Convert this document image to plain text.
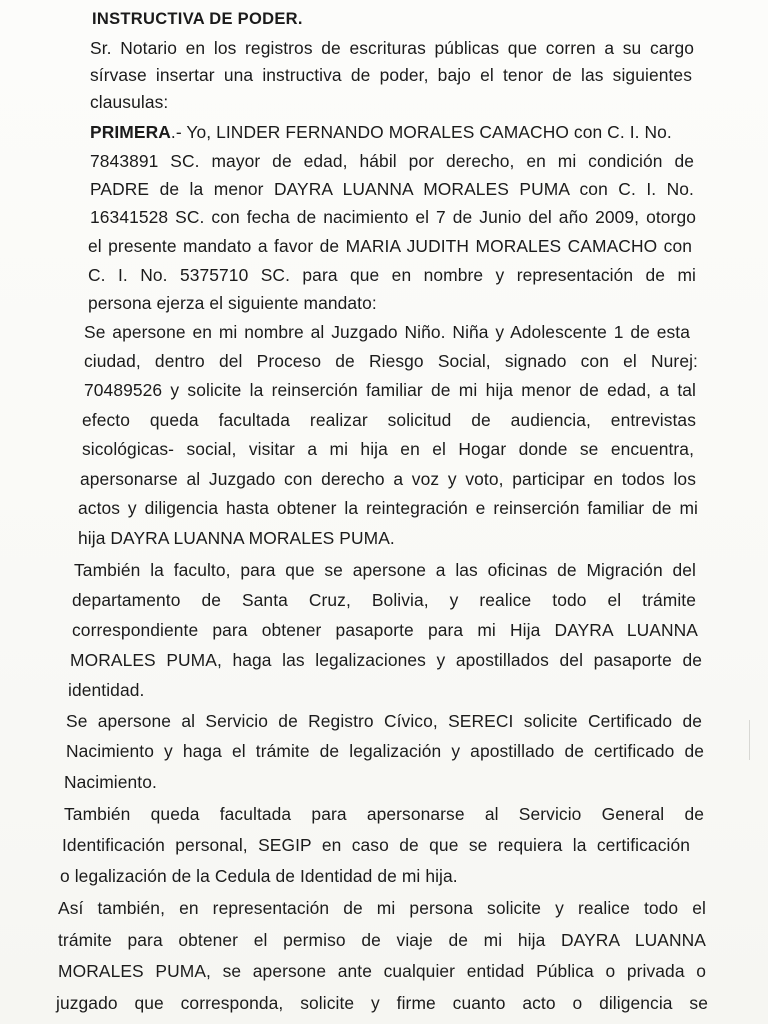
INSTRUCTIVA DE PODER.
Sr. Notario en los registros de escrituras públicas que corren a su cargo
sírvase insertar una instructiva de poder, bajo el tenor de las siguientes
clausulas:
PRIMERA.- Yo, LINDER FERNANDO MORALES CAMACHO con C. I. No.
7843891 SC. mayor de edad, hábil por derecho, en mi condición de
PADRE de la menor DAYRA LUANNA MORALES PUMA con C. I. No.
16341528 SC. con fecha de nacimiento el 7 de Junio del año 2009, otorgo
el presente mandato a favor de MARIA JUDITH MORALES CAMACHO con
C. I. No. 5375710 SC. para que en nombre y representación de mi
persona ejerza el siguiente mandato:
Se apersone en mi nombre al Juzgado Niño. Niña y Adolescente 1 de esta
ciudad, dentro del Proceso de Riesgo Social, signado con el Nurej:
70489526 y solicite la reinserción familiar de mi hija menor de edad, a tal
efecto queda facultada realizar solicitud de audiencia, entrevistas
sicológicas- social, visitar a mi hija en el Hogar donde se encuentra,
apersonarse al Juzgado con derecho a voz y voto, participar en todos los
actos y diligencia hasta obtener la reintegración e reinserción familiar de mi
hija DAYRA LUANNA MORALES PUMA.
También la faculto, para que se apersone a las oficinas de Migración del
departamento de Santa Cruz, Bolivia, y realice todo el trámite
correspondiente para obtener pasaporte para mi Hija DAYRA LUANNA
MORALES PUMA, haga las legalizaciones y apostillados del pasaporte de
identidad.
Se apersone al Servicio de Registro Cívico, SERECI solicite Certificado de
Nacimiento y haga el trámite de legalización y apostillado de certificado de
Nacimiento.
También queda facultada para apersonarse al Servicio General de
Identificación personal, SEGIP en caso de que se requiera la certificación
o legalización de la Cedula de Identidad de mi hija.
Así también, en representación de mi persona solicite y realice todo el
trámite para obtener el permiso de viaje de mi hija DAYRA LUANNA
MORALES PUMA, se apersone ante cualquier entidad Pública o privada o
juzgado que corresponda, solicite y firme cuanto acto o diligencia se
